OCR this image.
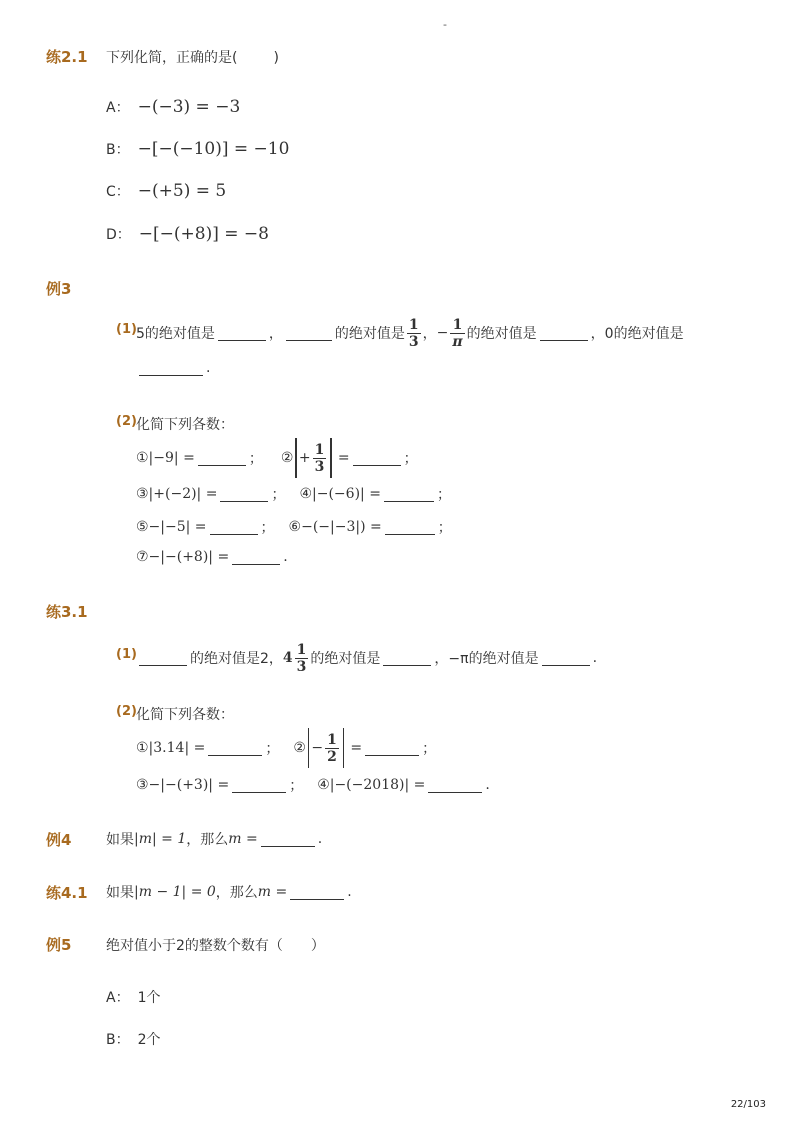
-
练2.1 下列化简，正确的是(	)
A： −(−3) = −3
B： −[−(−10)] = −10
C： −(+5) = 5
D： −[−(+8)] = −8
例3
(1) 5的绝对值是	，	的绝对值是 $\frac{1}{3}$ ， − $\frac{1}{\pi}$ 的绝对值是	，0的绝对值是
.
(2) 化简下列各数：
①|−9| =	； ② + $\frac{1}{3}$ =	；
③|+(−2)| =	； ④|−(−6)| =	；
⑤−|−5| =	； ⑥−(−|−3|) =	；
⑦−|−(+8)| =	.
练3.1
(1)	的绝对值是2， $4 \frac{1}{3}$ 的绝对值是	，−π的绝对值是	.
(2) 化简下列各数：
①|3.14| =	； ② − $\frac{1}{2}$ =	；
③−|−(+3)| =	； ④|−(−2018)| =	.
例4 如果 |m| = 1 ，那么 m =	.
练4.1 如果 |m − 1| = 0 ，那么 m =	.
例5 绝对值小于2的整数个数有（ ）
A： 1个
B： 2个
22/103
